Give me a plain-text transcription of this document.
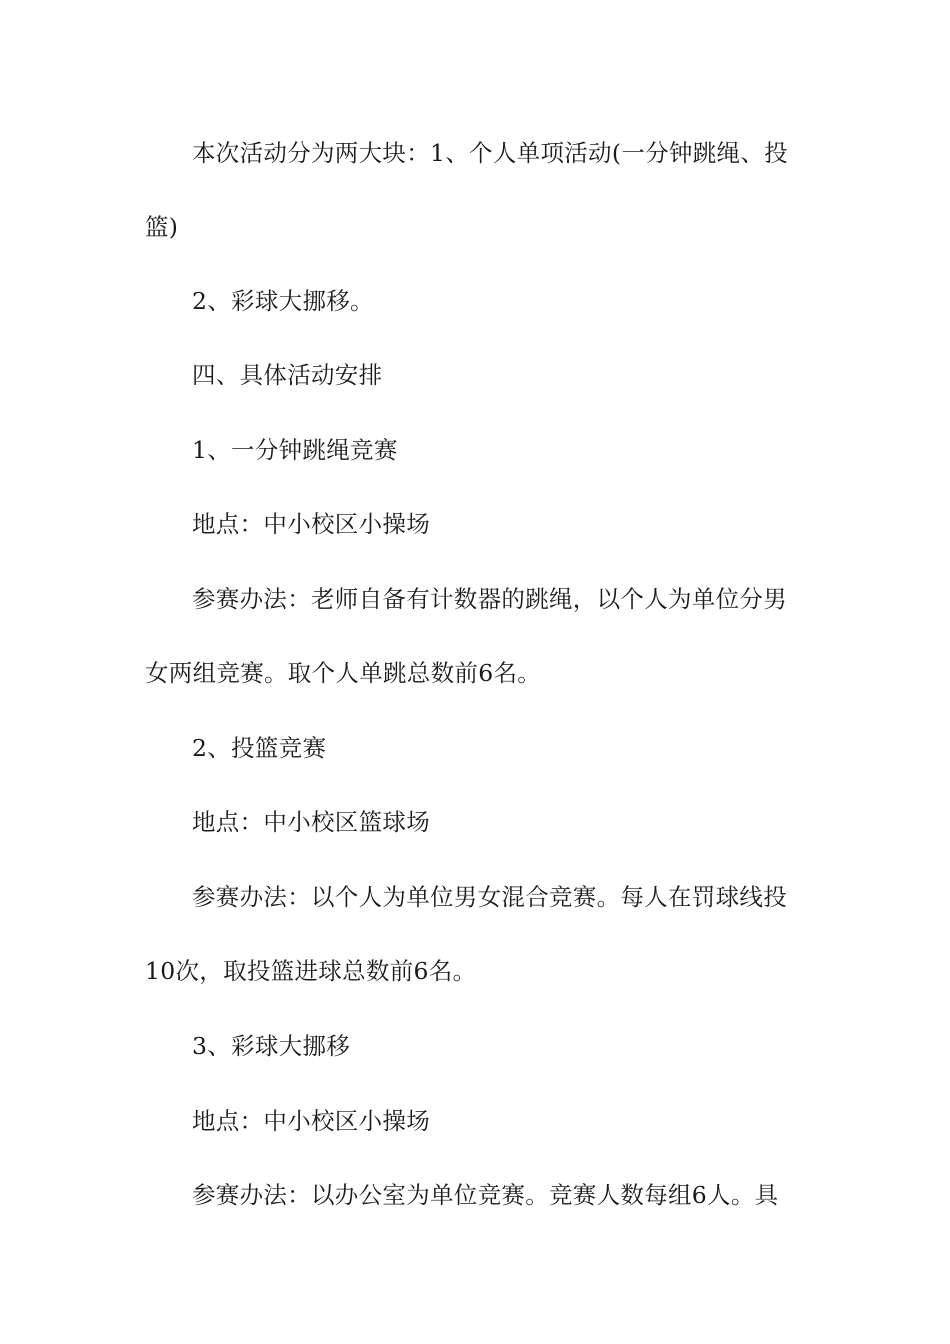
本次活动分为两大块：1、个人单项活动(一分钟跳绳、投
篮)
2、彩球大挪移。
四、具体活动安排
1、一分钟跳绳竞赛
地点：中小校区小操场
参赛办法：老师自备有计数器的跳绳，以个人为单位分男
女两组竞赛。取个人单跳总数前6名。
2、投篮竞赛
地点：中小校区篮球场
参赛办法：以个人为单位男女混合竞赛。每人在罚球线投
10次，取投篮进球总数前6名。
3、彩球大挪移
地点：中小校区小操场
参赛办法：以办公室为单位竞赛。竞赛人数每组6人。具
